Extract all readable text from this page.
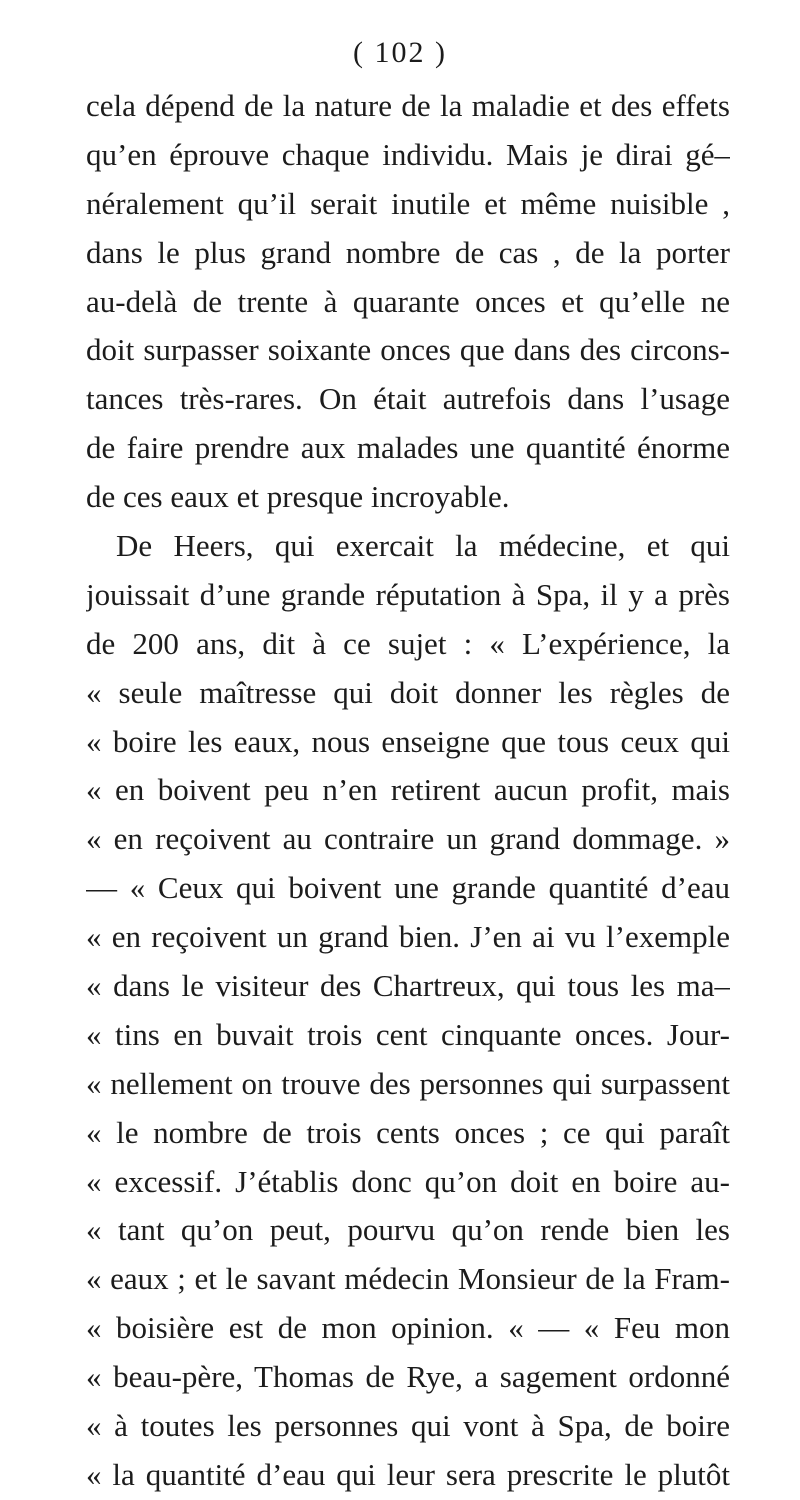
( 102 )
cela dépend de la nature de la maladie et des effets
qu’en éprouve chaque individu. Mais je dirai gé–
néralement qu’il serait inutile et même nuisible ,
dans le plus grand nombre de cas , de la porter
au-delà de trente à quarante onces et qu’elle ne
doit surpasser soixante onces que dans des circons-
tances très-rares. On était autrefois dans l’usage
de faire prendre aux malades une quantité énorme
de ces eaux et presque incroyable.
De Heers, qui exercait la médecine, et qui
jouissait d’une grande réputation à Spa, il y a près
de 200 ans, dit à ce sujet : « L’expérience, la
« seule maîtresse qui doit donner les règles de
« boire les eaux, nous enseigne que tous ceux qui
« en boivent peu n’en retirent aucun profit, mais
« en reçoivent au contraire un grand dommage. »
— « Ceux qui boivent une grande quantité d’eau
« en reçoivent un grand bien. J’en ai vu l’exemple
« dans le visiteur des Chartreux, qui tous les ma–
« tins en buvait trois cent cinquante onces. Jour-
« nellement on trouve des personnes qui surpassent
« le nombre de trois cents onces ; ce qui paraît
« excessif. J’établis donc qu’on doit en boire au-
« tant qu’on peut, pourvu qu’on rende bien les
« eaux ; et le savant médecin Monsieur de la Fram-
« boisière est de mon opinion. « — « Feu mon
« beau-père, Thomas de Rye, a sagement ordonné
« à toutes les personnes qui vont à Spa, de boire
« la quantité d’eau qui leur sera prescrite le plutôt
